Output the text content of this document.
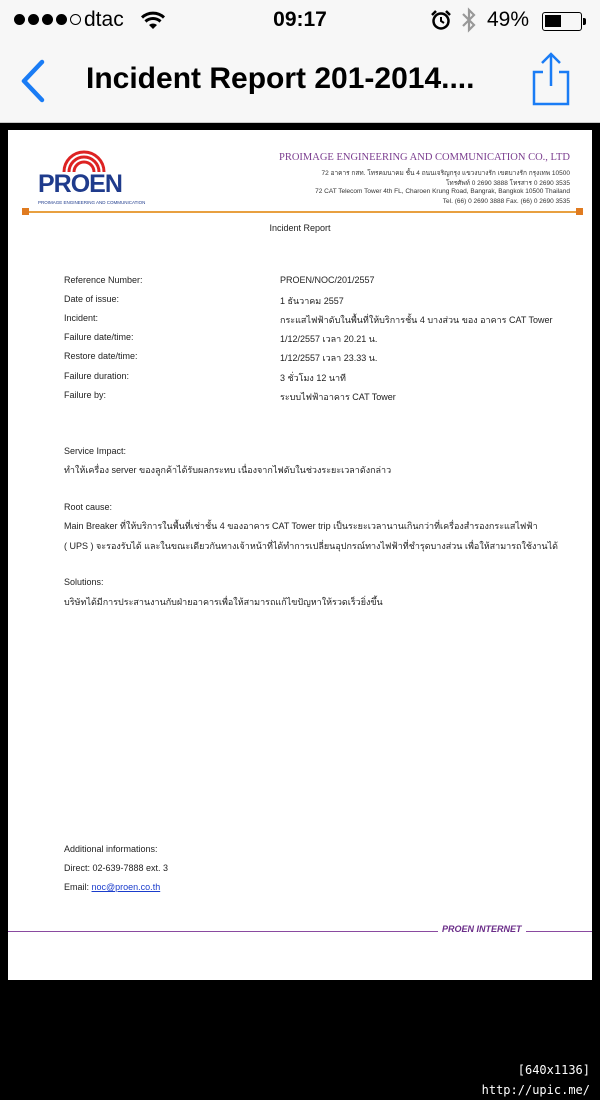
dtac	09:17	49%
Incident Report 201-2014....
PROEN
PROIMAGE ENGINEERING AND COMMUNICATION
PROIMAGE ENGINEERING AND COMMUNICATION CO., LTD
72 อาคาร กสท. โทรคมนาคม ชั้น 4 ถนนเจริญกรุง แขวงบางรัก เขตบางรัก กรุงเทพ 10500
โทรศัพท์ 0 2690 3888 โทรสาร 0 2690 3535
72 CAT Telecom Tower 4th FL, Charoen Krung Road, Bangrak, Bangkok 10500 Thailand
Tel. (66) 0 2690 3888 Fax. (66) 0 2690 3535
Incident Report
Reference Number:	PROEN/NOC/201/2557
Date of issue:	1 ธันวาคม 2557
Incident:	กระแสไฟฟ้าดับในพื้นที่ให้บริการชั้น 4 บางส่วน ของ อาคาร CAT Tower
Failure date/time:	1/12/2557 เวลา 20.21 น.
Restore date/time:	1/12/2557 เวลา 23.33 น.
Failure duration:	3 ชั่วโมง 12 นาที
Failure by:	ระบบไฟฟ้าอาคาร CAT Tower
Service Impact:
ทำให้เครื่อง server ของลูกค้าได้รับผลกระทบ เนื่องจากไฟดับในช่วงระยะเวลาดังกล่าว
Root cause:
Main Breaker ที่ให้บริการในพื้นที่เช่าชั้น 4 ของอาคาร CAT Tower trip เป็นระยะเวลานานเกินกว่าที่เครื่องสำรองกระแสไฟฟ้า
( UPS ) จะรองรับได้ และในขณะเดียวกันทางเจ้าหน้าที่ได้ทำการเปลี่ยนอุปกรณ์ทางไฟฟ้าที่ชำรุดบางส่วน เพื่อให้สามารถใช้งานได้
Solutions:
บริษัทได้มีการประสานงานกับฝ่ายอาคารเพื่อให้สามารถแก้ไขปัญหาให้รวดเร็วยิ่งขึ้น
Additional informations:
Direct: 02-639-7888 ext. 3
Email: noc@proen.co.th
PROEN INTERNET
[640x1136] http://upic.me/
